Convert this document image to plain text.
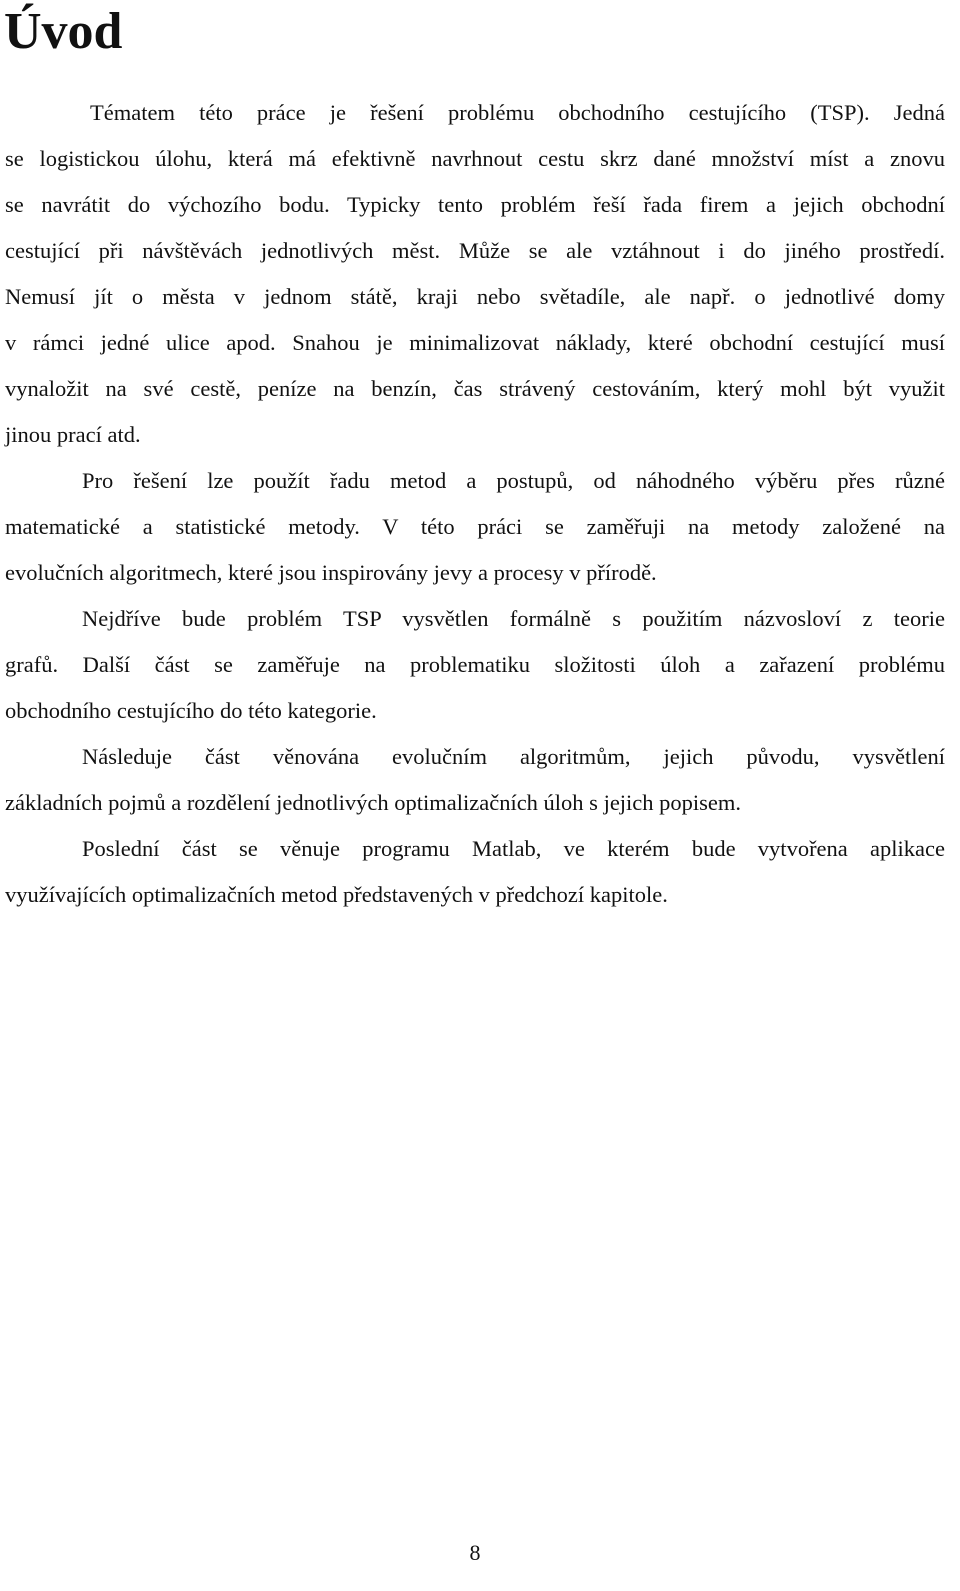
Úvod
Tématem této práce je řešení problému obchodního cestujícího (TSP). Jedná
se logistickou úlohu, která má efektivně navrhnout cestu skrz dané množství míst a znovu
se navrátit do výchozího bodu. Typicky tento problém řeší řada firem a jejich obchodní
cestující při návštěvách jednotlivých měst. Může se ale vztáhnout i do jiného prostředí.
Nemusí jít o města v jednom státě, kraji nebo světadíle, ale např. o jednotlivé domy
v rámci jedné ulice apod. Snahou je minimalizovat náklady, které obchodní cestující musí
vynaložit na své cestě, peníze na benzín, čas strávený cestováním, který mohl být využit
jinou prací atd.
Pro řešení lze použít řadu metod a postupů, od náhodného výběru přes různé
matematické a statistické metody. V této práci se zaměřuji na metody založené na
evolučních algoritmech, které jsou inspirovány jevy a procesy v přírodě.
Nejdříve bude problém TSP vysvětlen formálně s použitím názvosloví z teorie
grafů. Další část se zaměřuje na problematiku složitosti úloh a zařazení problému
obchodního cestujícího do této kategorie.
Následuje část věnována evolučním algoritmům, jejich původu, vysvětlení
základních pojmů a rozdělení jednotlivých optimalizačních úloh s jejich popisem.
Poslední část se věnuje programu Matlab, ve kterém bude vytvořena aplikace
využívajících optimalizačních metod představených v předchozí kapitole.
8
